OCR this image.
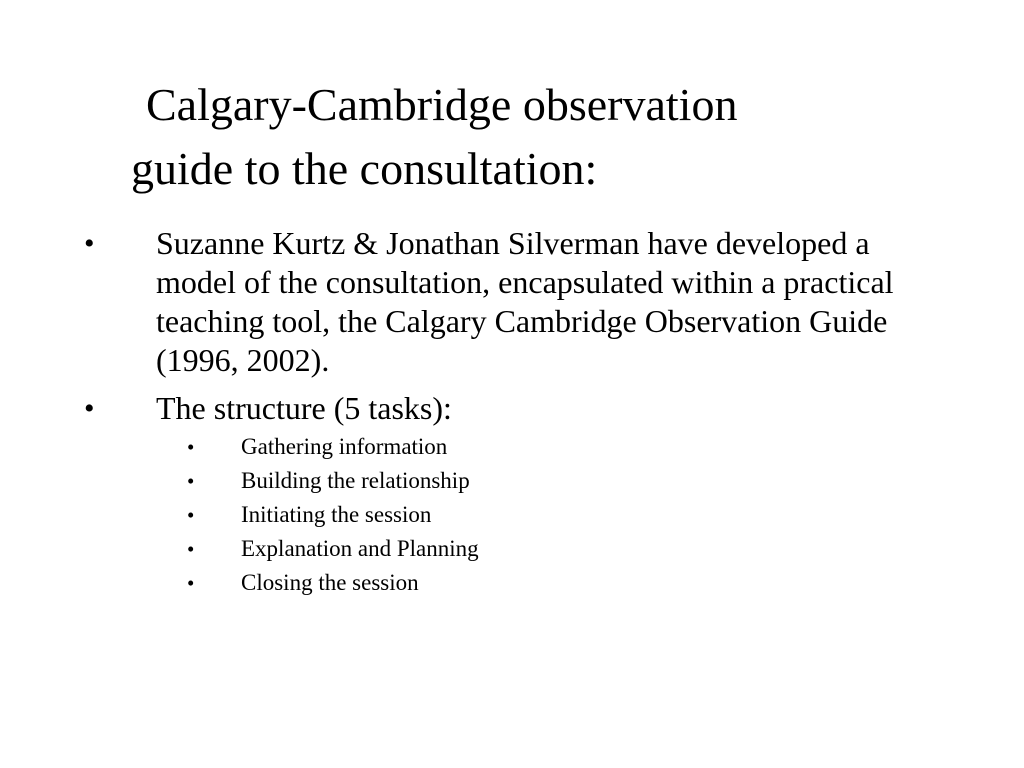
Calgary-Cambridge observation
guide to the consultation:
• Suzanne Kurtz & Jonathan Silverman have developed a model of the consultation, encapsulated within a practical teaching tool, the Calgary Cambridge Observation Guide (1996, 2002).
• The structure (5 tasks):
• Gathering information
• Building the relationship
• Initiating the session
• Explanation and Planning
• Closing the session
